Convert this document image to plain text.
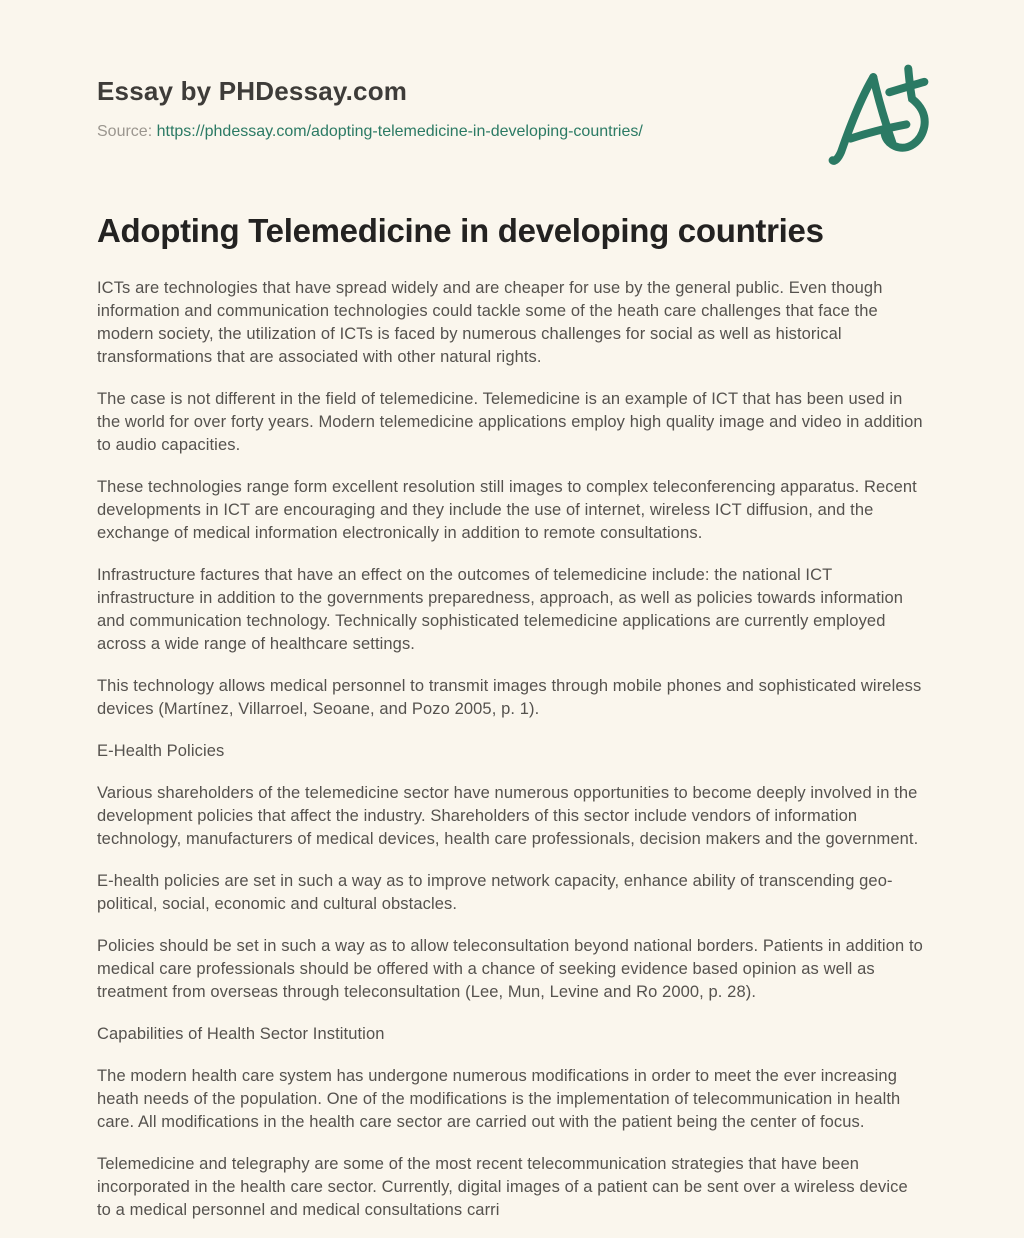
Essay by PHDessay.com
Source: https://phdessay.com/adopting-telemedicine-in-developing-countries/
Adopting Telemedicine in developing countries

ICTs are technologies that have spread widely and are cheaper for use by the general public. Even though information and communication technologies could tackle some of the heath care challenges that face the modern society, the utilization of ICTs is faced by numerous challenges for social as well as historical transformations that are associated with other natural rights.

The case is not different in the field of telemedicine. Telemedicine is an example of ICT that has been used in the world for over forty years. Modern telemedicine applications employ high quality image and video in addition to audio capacities.

These technologies range form excellent resolution still images to complex teleconferencing apparatus. Recent developments in ICT are encouraging and they include the use of internet, wireless ICT diffusion, and the exchange of medical information electronically in addition to remote consultations.

Infrastructure factures that have an effect on the outcomes of telemedicine include: the national ICT infrastructure in addition to the governments preparedness, approach, as well as policies towards information and communication technology. Technically sophisticated telemedicine applications are currently employed across a wide range of healthcare settings.

This technology allows medical personnel to transmit images through mobile phones and sophisticated wireless devices (Martínez, Villarroel, Seoane, and Pozo 2005, p. 1).

E-Health Policies

Various shareholders of the telemedicine sector have numerous opportunities to become deeply involved in the development policies that affect the industry. Shareholders of this sector include vendors of information technology, manufacturers of medical devices, health care professionals, decision makers and the government.

E-health policies are set in such a way as to improve network capacity, enhance ability of transcending geo-political, social, economic and cultural obstacles.

Policies should be set in such a way as to allow teleconsultation beyond national borders. Patients in addition to medical care professionals should be offered with a chance of seeking evidence based opinion as well as treatment from overseas through teleconsultation (Lee, Mun, Levine and Ro 2000, p. 28).

Capabilities of Health Sector Institution

The modern health care system has undergone numerous modifications in order to meet the ever increasing heath needs of the population. One of the modifications is the implementation of telecommunication in health care. All modifications in the health care sector are carried out with the patient being the center of focus.

Telemedicine and telegraphy are some of the most recent telecommunication strategies that have been incorporated in the health care sector. Currently, digital images of a patient can be sent over a wireless device to a medical personnel and medical consultations carri
